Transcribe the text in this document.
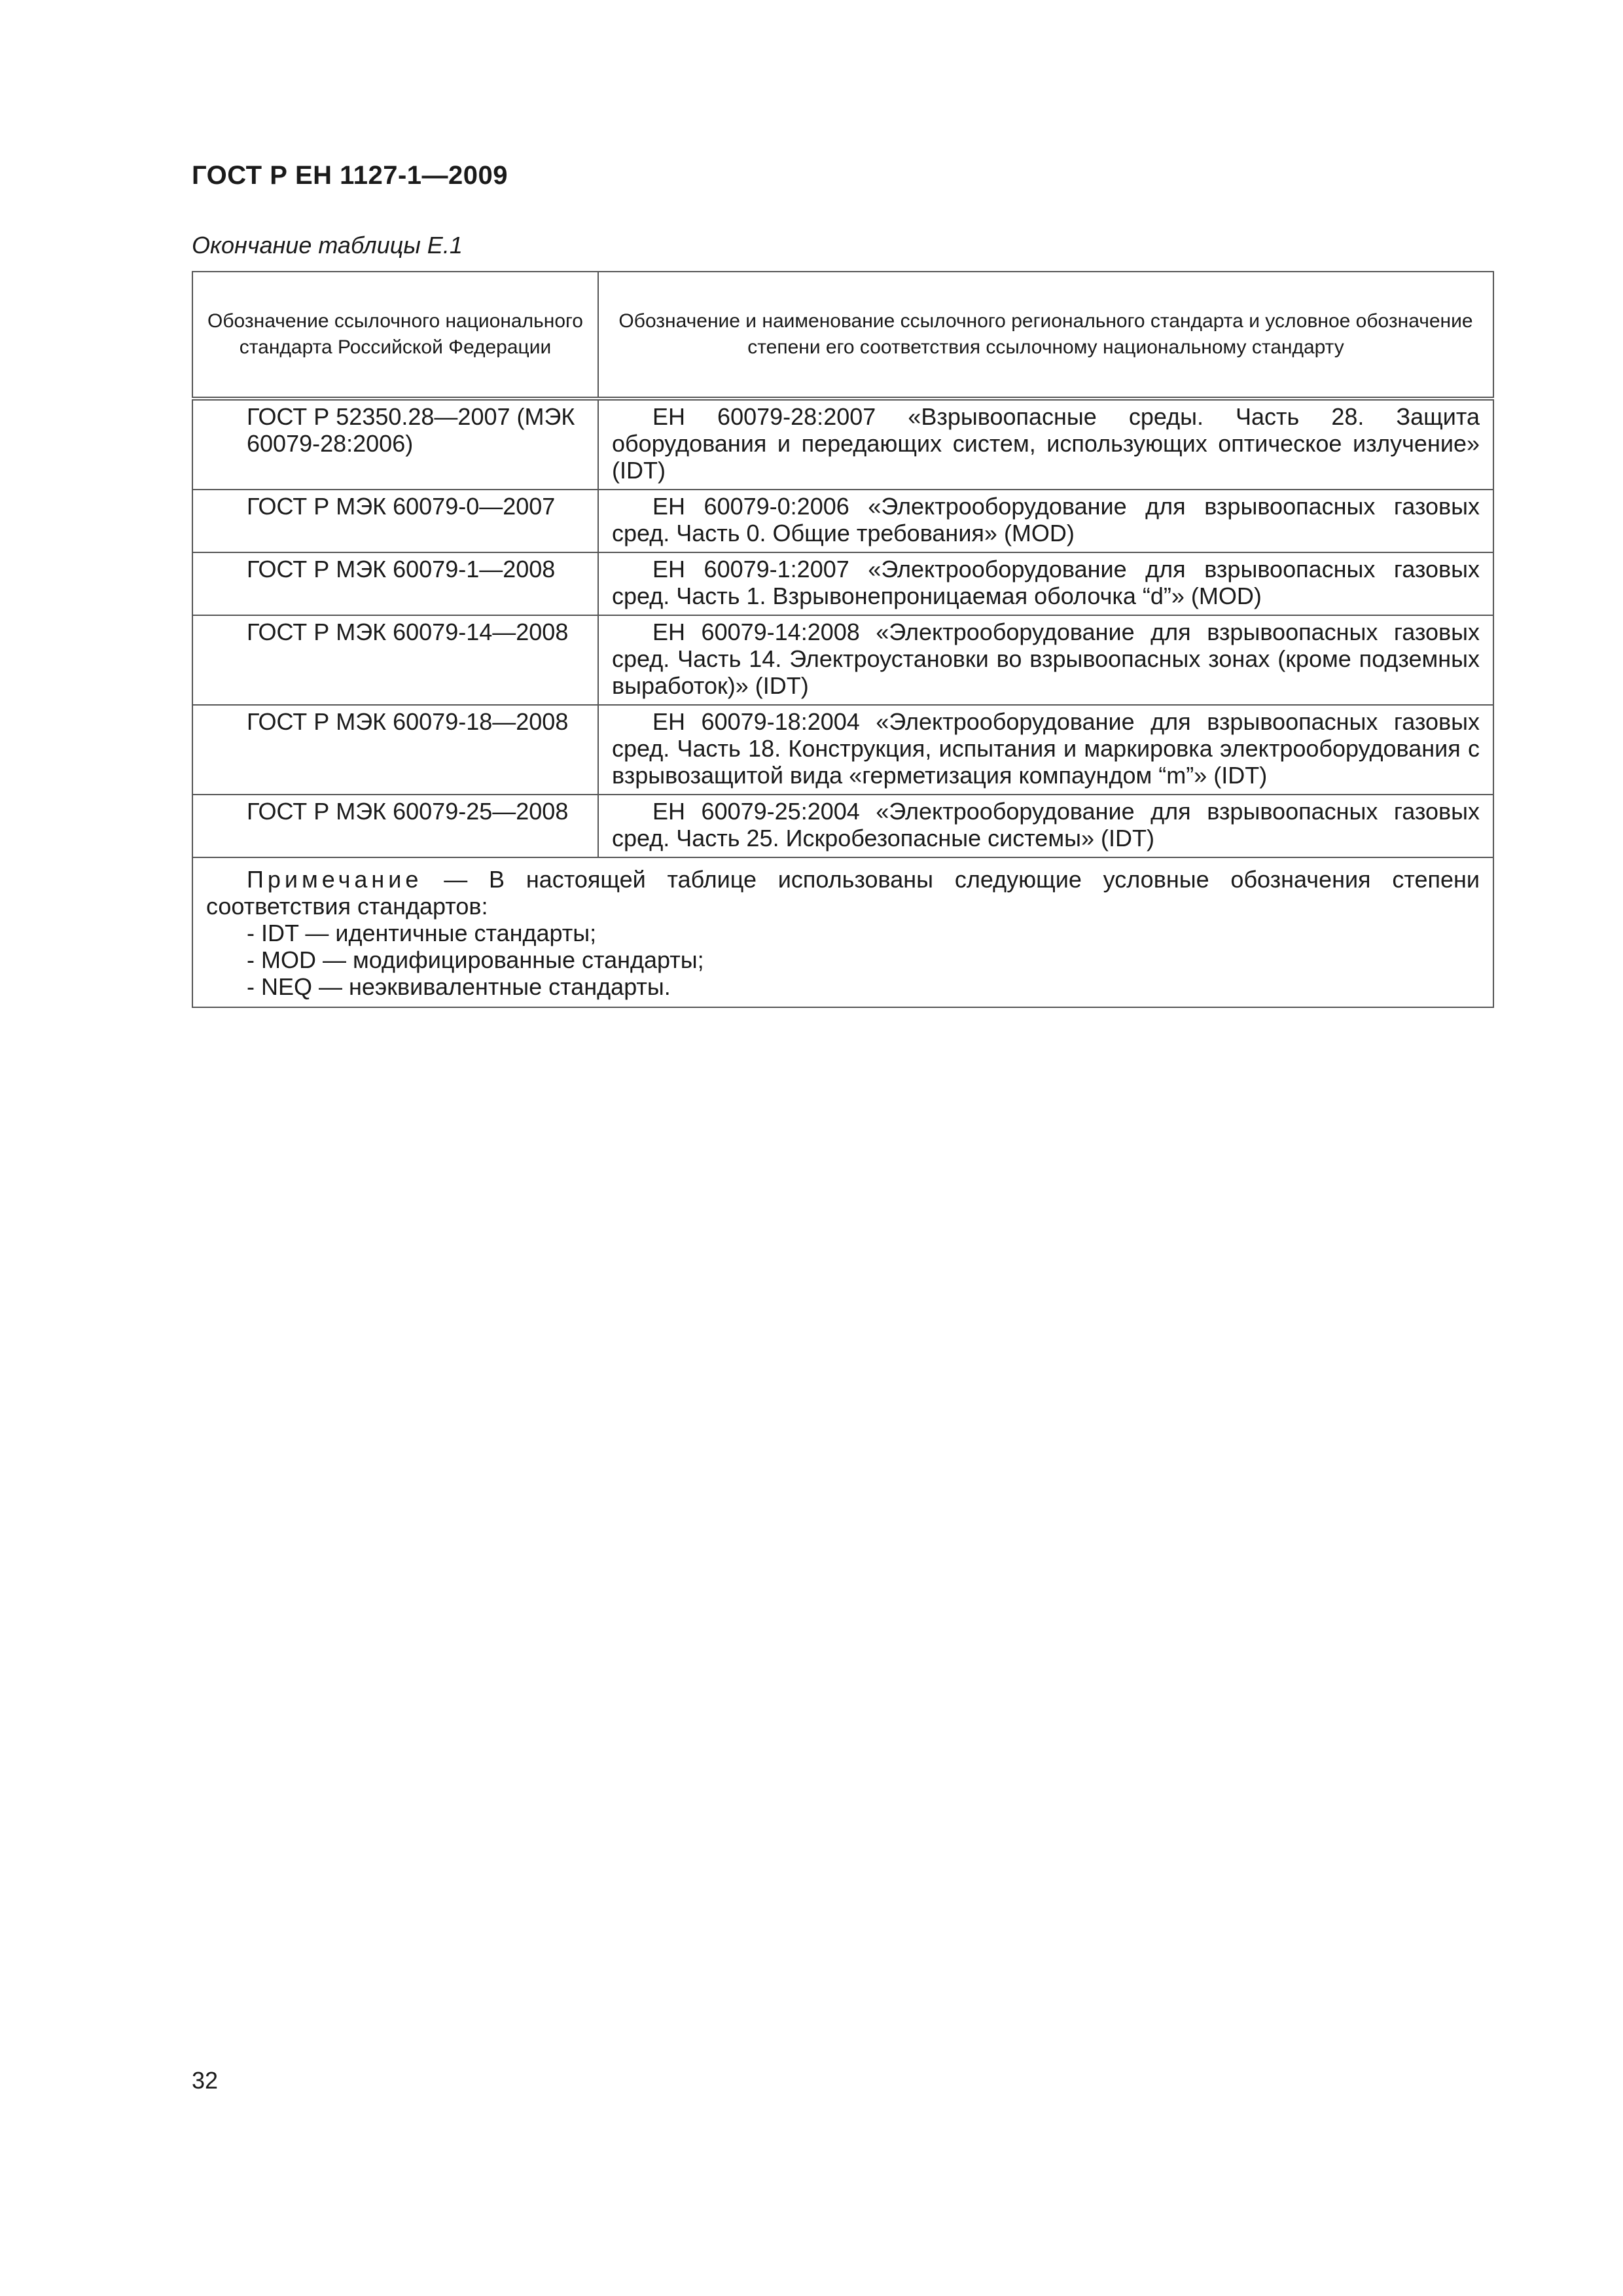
ГОСТ Р ЕН 1127-1—2009

Окончание таблицы Е.1

Обозначение ссылочного национального стандарта Российской Федерации	Обозначение и наименование ссылочного регионального стандарта и условное обозначение степени его соответствия ссылочному национальному стандарту
ГОСТ Р 52350.28—2007 (МЭК 60079-28:2006)	ЕН 60079-28:2007 «Взрывоопасные среды. Часть 28. Защита оборудования и передающих систем, использующих оптическое излучение» (IDT)
ГОСТ Р МЭК 60079-0—2007	ЕН 60079-0:2006 «Электрооборудование для взрывоопасных газовых сред. Часть 0. Общие требования» (MOD)
ГОСТ Р МЭК 60079-1—2008	ЕН 60079-1:2007 «Электрооборудование для взрывоопасных газовых сред. Часть 1. Взрывонепроницаемая оболочка “d”» (MOD)
ГОСТ Р МЭК 60079-14—2008	ЕН 60079-14:2008 «Электрооборудование для взрывоопасных газовых сред. Часть 14. Электроустановки во взрывоопасных зонах (кроме подземных выработок)» (IDT)
ГОСТ Р МЭК 60079-18—2008	ЕН 60079-18:2004 «Электрооборудование для взрывоопасных газовых сред. Часть 18. Конструкция, испытания и маркировка электрооборудования с взрывозащитой вида «герметизация компаундом “m”» (IDT)
ГОСТ Р МЭК 60079-25—2008	ЕН 60079-25:2004 «Электрооборудование для взрывоопасных газовых сред. Часть 25. Искробезопасные системы» (IDT)

Примечание — В настоящей таблице использованы следующие условные обозначения степени соответствия стандартов:
- IDT — идентичные стандарты;
- MOD — модифицированные стандарты;
- NEQ — неэквивалентные стандарты.	

32
